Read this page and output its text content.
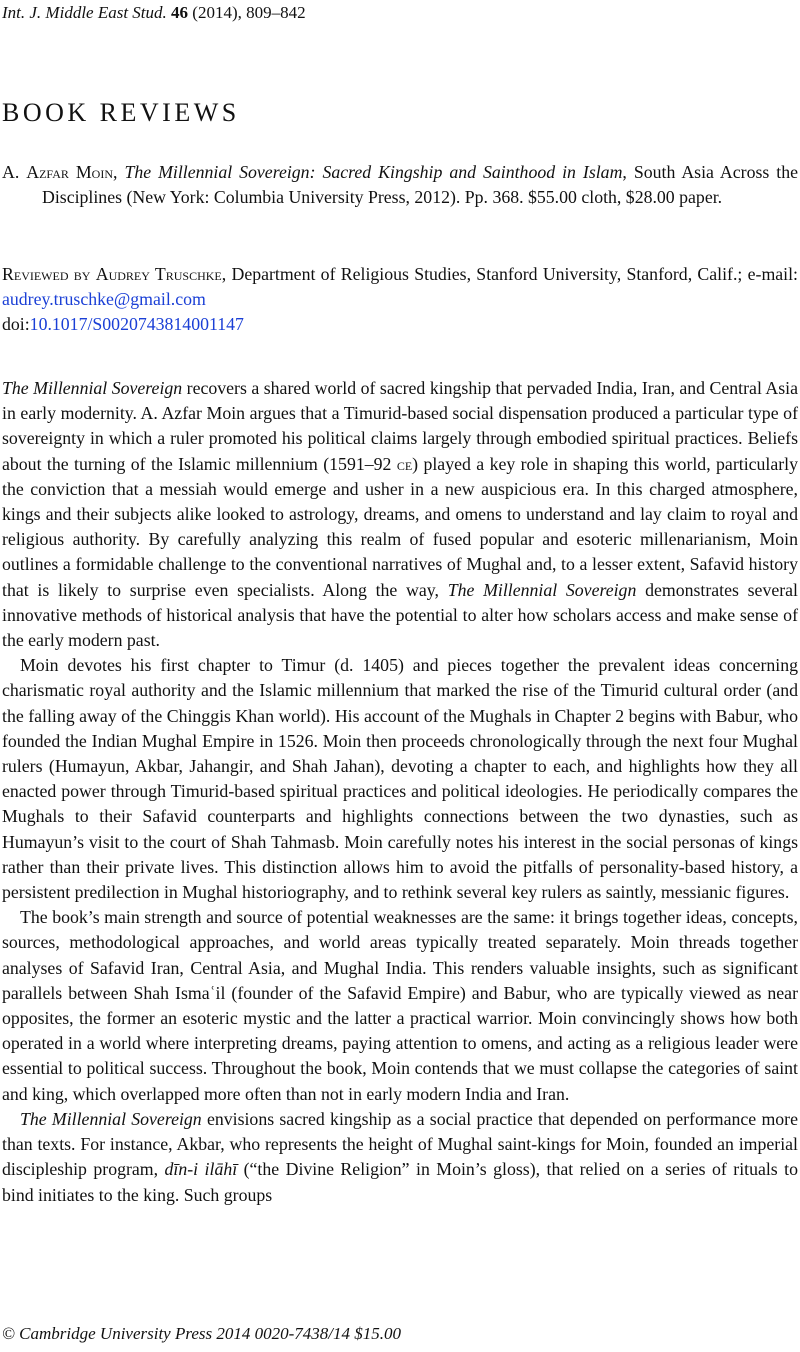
Int. J. Middle East Stud. 46 (2014), 809–842
BOOK REVIEWS
A. Azfar Moin, The Millennial Sovereign: Sacred Kingship and Sainthood in Islam, South Asia Across the Disciplines (New York: Columbia University Press, 2012). Pp. 368. $55.00 cloth, $28.00 paper.
Reviewed by Audrey Truschke, Department of Religious Studies, Stanford University, Stanford, Calif.; e-mail: audrey.truschke@gmail.com
doi:10.1017/S0020743814001147

The Millennial Sovereign recovers a shared world of sacred kingship that pervaded India, Iran, and Central Asia in early modernity. A. Azfar Moin argues that a Timurid-based social dispensation produced a particular type of sovereignty in which a ruler promoted his political claims largely through embodied spiritual practices. Beliefs about the turning of the Islamic millennium (1591–92 ce) played a key role in shaping this world, particularly the conviction that a messiah would emerge and usher in a new auspicious era. In this charged atmosphere, kings and their subjects alike looked to astrology, dreams, and omens to understand and lay claim to royal and religious authority. By carefully analyzing this realm of fused popular and esoteric millenarianism, Moin outlines a formidable challenge to the conventional narratives of Mughal and, to a lesser extent, Safavid history that is likely to surprise even specialists. Along the way, The Millennial Sovereign demonstrates several innovative methods of historical analysis that have the potential to alter how scholars access and make sense of the early modern past.

Moin devotes his first chapter to Timur (d. 1405) and pieces together the prevalent ideas concerning charismatic royal authority and the Islamic millennium that marked the rise of the Timurid cultural order (and the falling away of the Chinggis Khan world). His account of the Mughals in Chapter 2 begins with Babur, who founded the Indian Mughal Empire in 1526. Moin then proceeds chronologically through the next four Mughal rulers (Humayun, Akbar, Jahangir, and Shah Jahan), devoting a chapter to each, and highlights how they all enacted power through Timurid-based spiritual practices and political ideologies. He periodically compares the Mughals to their Safavid counterparts and highlights connections between the two dynasties, such as Humayun’s visit to the court of Shah Tahmasb. Moin carefully notes his interest in the social personas of kings rather than their private lives. This distinction allows him to avoid the pitfalls of personality-based history, a persistent predilection in Mughal historiography, and to rethink several key rulers as saintly, messianic figures.

The book’s main strength and source of potential weaknesses are the same: it brings together ideas, concepts, sources, methodological approaches, and world areas typically treated separately. Moin threads together analyses of Safavid Iran, Central Asia, and Mughal India. This renders valuable insights, such as significant parallels between Shah Ismaʿil (founder of the Safavid Empire) and Babur, who are typically viewed as near opposites, the former an esoteric mystic and the latter a practical warrior. Moin convincingly shows how both operated in a world where interpreting dreams, paying attention to omens, and acting as a religious leader were essential to political success. Throughout the book, Moin contends that we must collapse the categories of saint and king, which overlapped more often than not in early modern India and Iran.

The Millennial Sovereign envisions sacred kingship as a social practice that depended on performance more than texts. For instance, Akbar, who represents the height of Mughal saint-kings for Moin, founded an imperial discipleship program, dīn-i ilāhī (“the Divine Religion” in Moin’s gloss), that relied on a series of rituals to bind initiates to the king. Such groups

© Cambridge University Press 2014 0020-7438/14 $15.00
